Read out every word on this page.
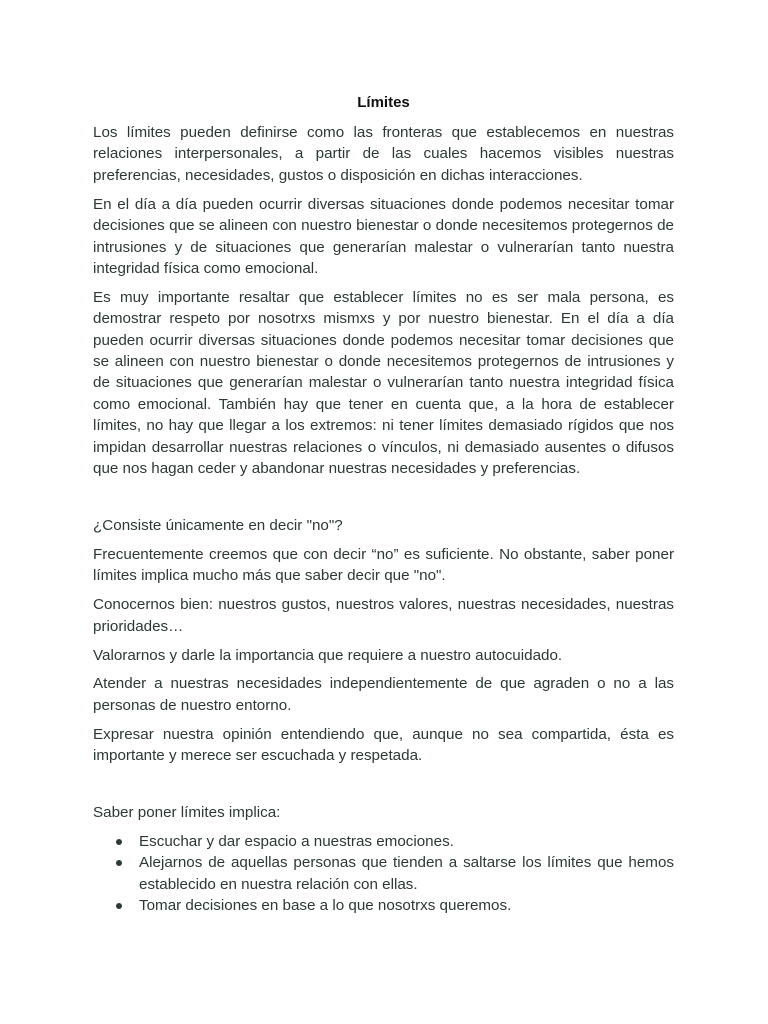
Límites

Los límites pueden definirse como las fronteras que establecemos en nuestras relaciones interpersonales, a partir de las cuales hacemos visibles nuestras preferencias, necesidades, gustos o disposición en dichas interacciones.

En el día a día pueden ocurrir diversas situaciones donde podemos necesitar tomar decisiones que se alineen con nuestro bienestar o donde necesitemos protegernos de intrusiones y de situaciones que generarían malestar o vulnerarían tanto nuestra integridad física como emocional.

Es muy importante resaltar que establecer límites no es ser mala persona, es demostrar respeto por nosotrxs mismxs y por nuestro bienestar. En el día a día pueden ocurrir diversas situaciones donde podemos necesitar tomar decisiones que se alineen con nuestro bienestar o donde necesitemos protegernos de intrusiones y de situaciones que generarían malestar o vulnerarían tanto nuestra integridad física como emocional. También hay que tener en cuenta que, a la hora de establecer límites, no hay que llegar a los extremos: ni tener límites demasiado rígidos que nos impidan desarrollar nuestras relaciones o vínculos, ni demasiado ausentes o difusos que nos hagan ceder y abandonar nuestras necesidades y preferencias.

¿Consiste únicamente en decir "no"?

Frecuentemente creemos que con decir “no” es suficiente. No obstante, saber poner límites implica mucho más que saber decir que "no".

Conocernos bien: nuestros gustos, nuestros valores, nuestras necesidades, nuestras prioridades…

Valorarnos y darle la importancia que requiere a nuestro autocuidado.

Atender a nuestras necesidades independientemente de que agraden o no a las personas de nuestro entorno.

Expresar nuestra opinión entendiendo que, aunque no sea compartida, ésta es importante y merece ser escuchada y respetada.

Saber poner límites implica:

Escuchar y dar espacio a nuestras emociones.
Alejarnos de aquellas personas que tienden a saltarse los límites que hemos establecido en nuestra relación con ellas.
Tomar decisiones en base a lo que nosotrxs queremos.
